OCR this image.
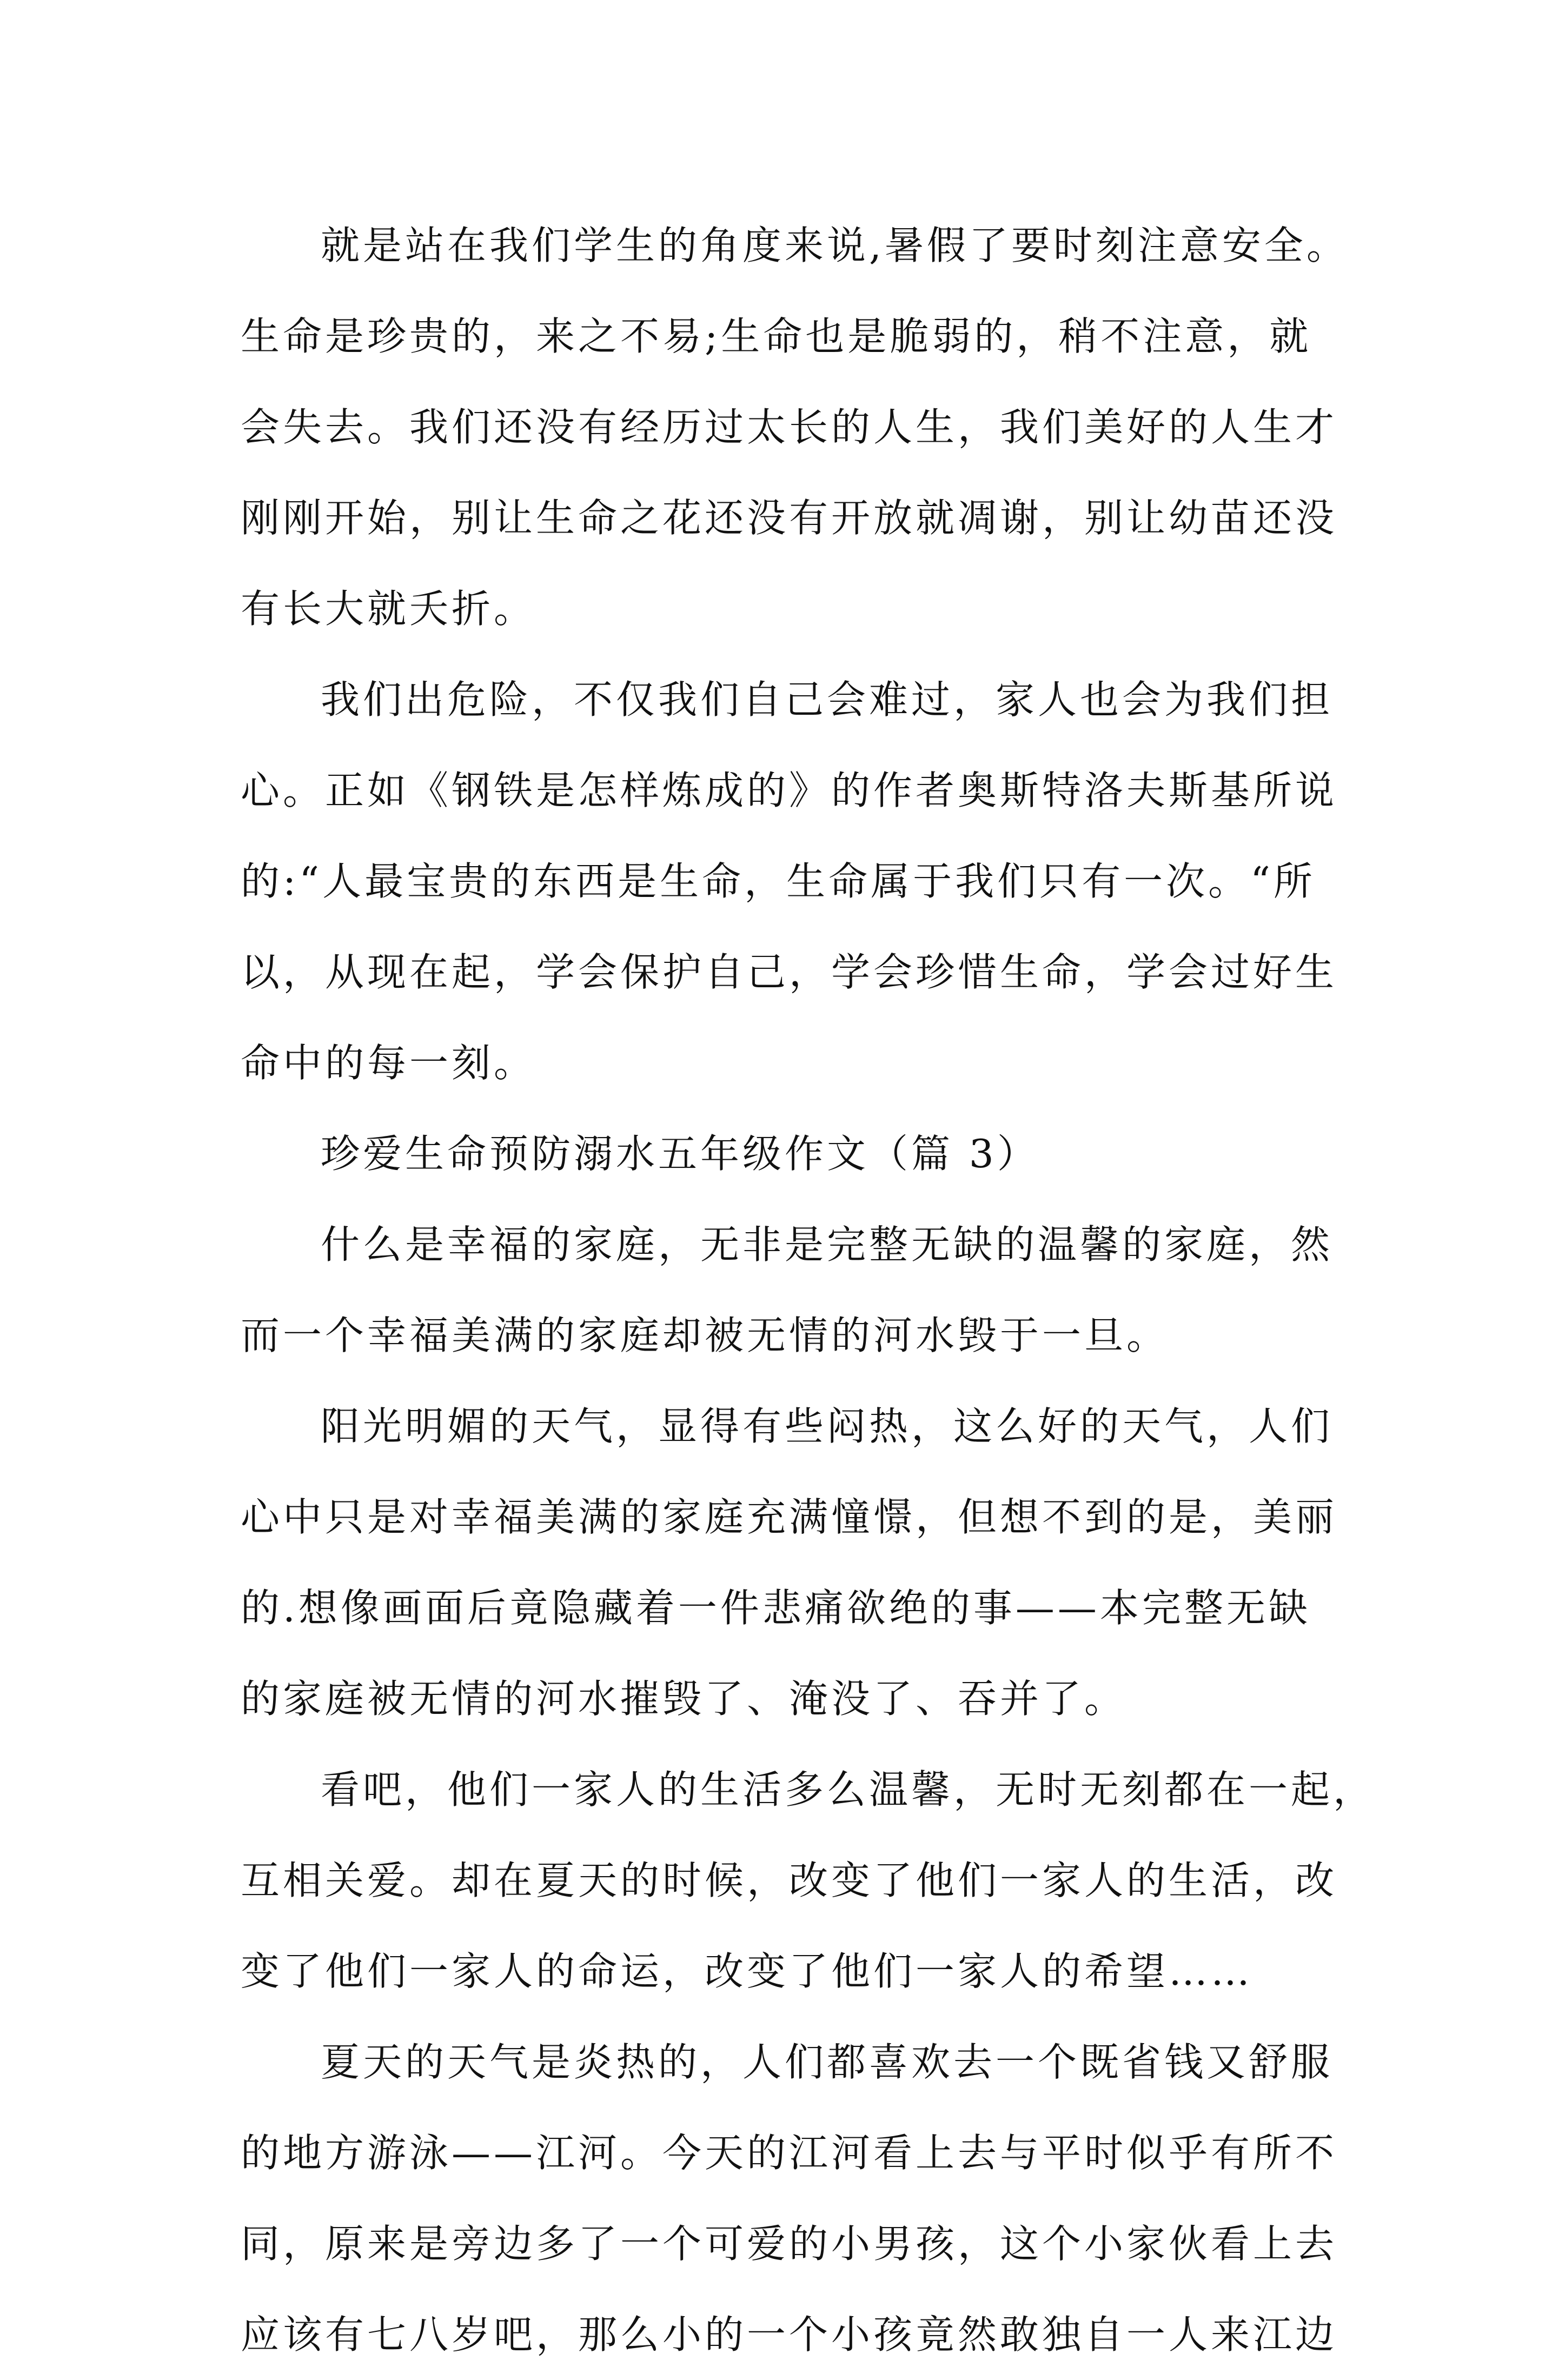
就是站在我们学生的角度来说,暑假了要时刻注意安全。
生命是珍贵的，来之不易;生命也是脆弱的，稍不注意，就
会失去。我们还没有经历过太长的人生，我们美好的人生才
刚刚开始，别让生命之花还没有开放就凋谢，别让幼苗还没
有长大就夭折。
我们出危险，不仅我们自己会难过，家人也会为我们担
心。正如《钢铁是怎样炼成的》的作者奥斯特洛夫斯基所说
的:“人最宝贵的东西是生命，生命属于我们只有一次。“所
以，从现在起，学会保护自己，学会珍惜生命，学会过好生
命中的每一刻。
珍爱生命预防溺水五年级作文（篇 3）
什么是幸福的家庭，无非是完整无缺的温馨的家庭，然
而一个幸福美满的家庭却被无情的河水毁于一旦。
阳光明媚的天气，显得有些闷热，这么好的天气，人们
心中只是对幸福美满的家庭充满憧憬，但想不到的是，美丽
的.想像画面后竟隐藏着一件悲痛欲绝的事——本完整无缺
的家庭被无情的河水摧毁了、淹没了、吞并了。
看吧，他们一家人的生活多么温馨，无时无刻都在一起，
互相关爱。却在夏天的时候，改变了他们一家人的生活，改
变了他们一家人的命运，改变了他们一家人的希望……
夏天的天气是炎热的，人们都喜欢去一个既省钱又舒服
的地方游泳——江河。今天的江河看上去与平时似乎有所不
同，原来是旁边多了一个可爱的小男孩，这个小家伙看上去
应该有七八岁吧，那么小的一个小孩竟然敢独自一人来江边
